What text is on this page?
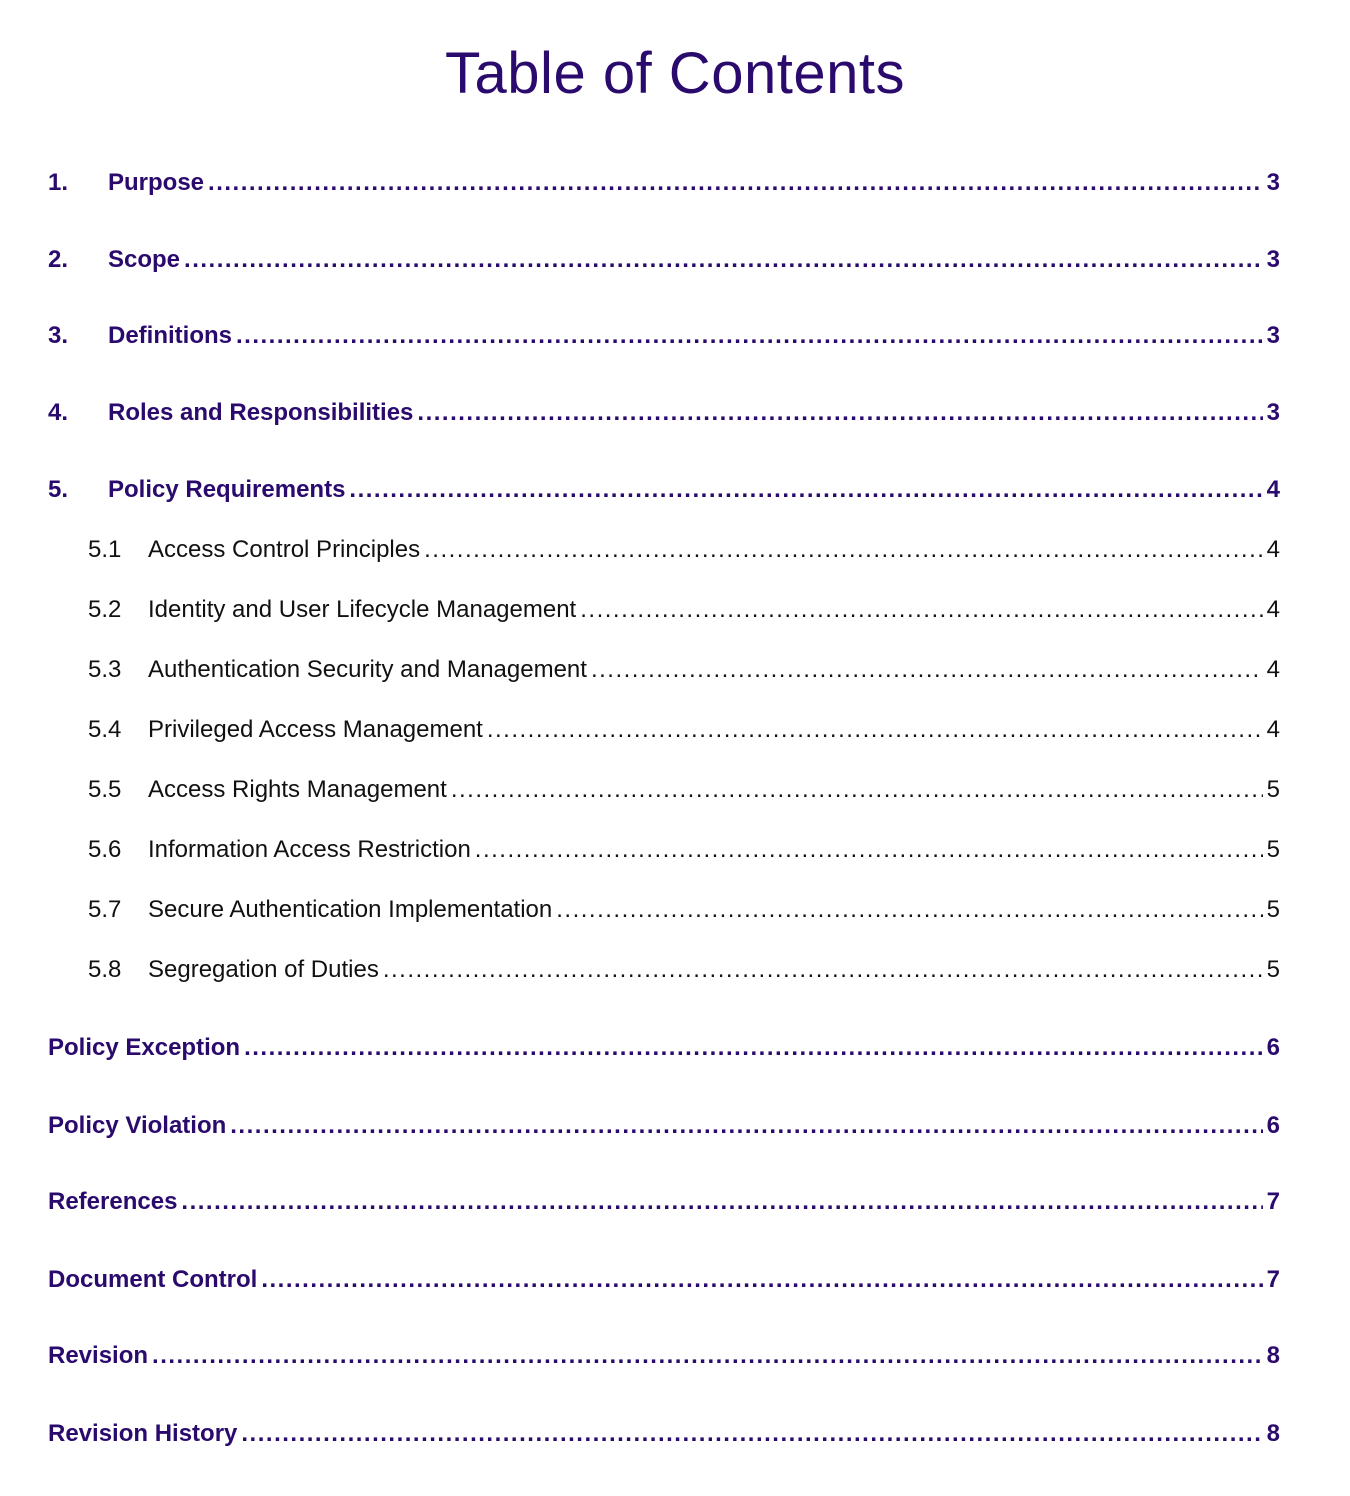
Table of Contents
1.	Purpose .....	3
2.	Scope .....	3
3.	Definitions .....	3
4.	Roles and Responsibilities .....	3
5.	Policy Requirements .....	4
5.1	Access Control Principles .....	4
5.2	Identity and User Lifecycle Management .....	4
5.3	Authentication Security and Management .....	4
5.4	Privileged Access Management .....	4
5.5	Access Rights Management .....	5
5.6	Information Access Restriction .....	5
5.7	Secure Authentication Implementation .....	5
5.8	Segregation of Duties .....	5
Policy Exception .....	6
Policy Violation .....	6
References .....	7
Document Control .....	7
Revision .....	8
Revision History .....	8
